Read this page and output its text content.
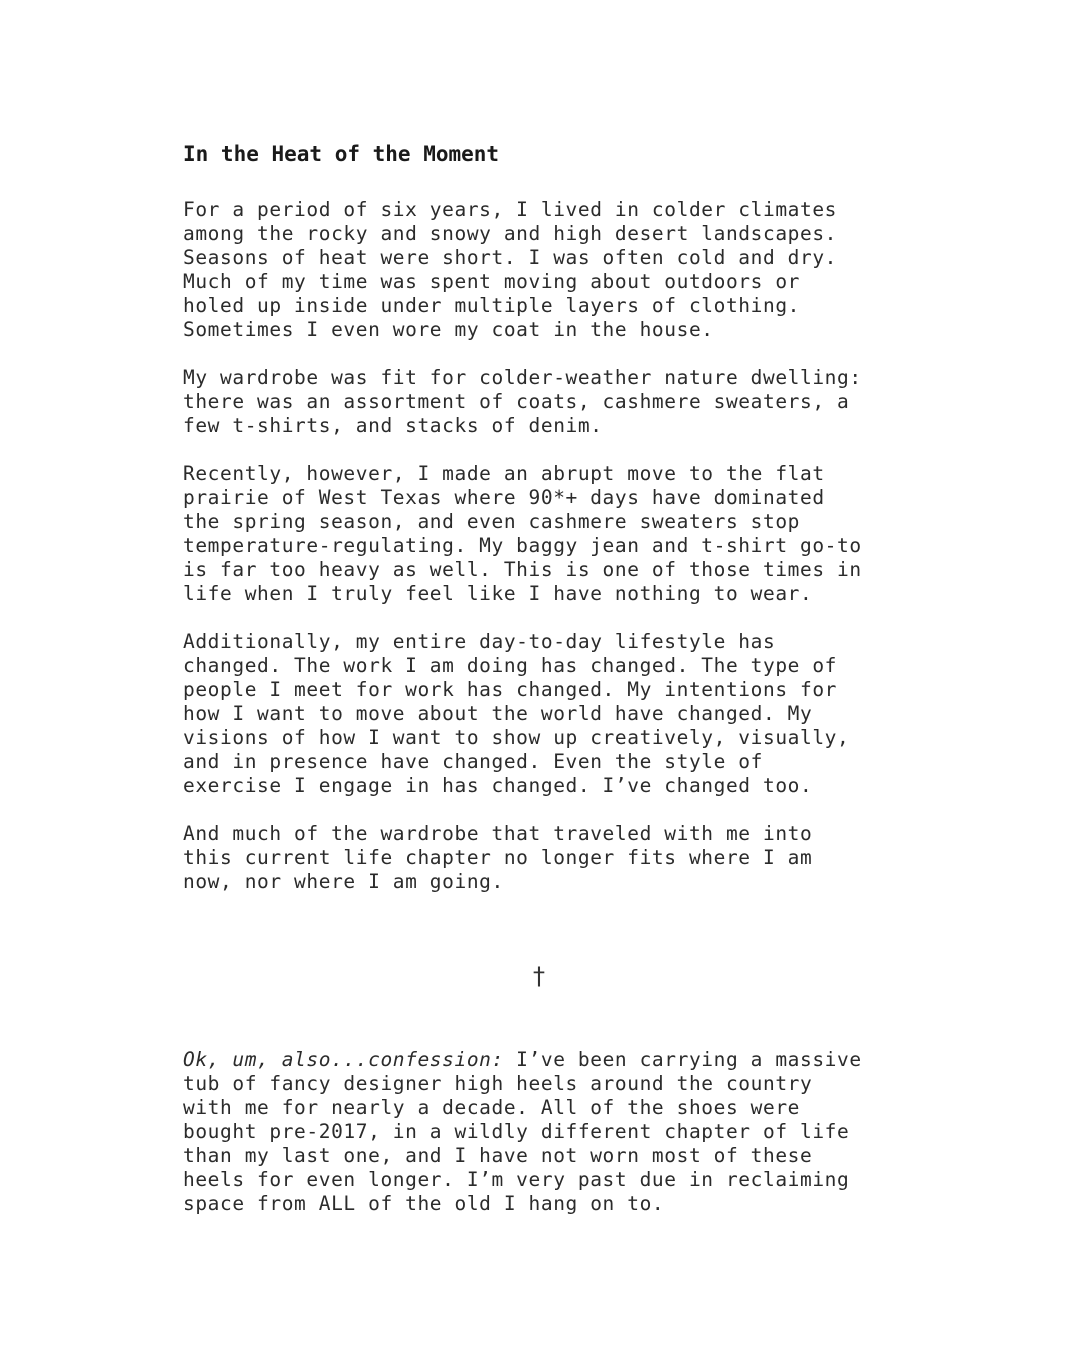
In the Heat of the Moment
For a period of six years, I lived in colder climates
among the rocky and snowy and high desert landscapes.
Seasons of heat were short. I was often cold and dry.
Much of my time was spent moving about outdoors or
holed up inside under multiple layers of clothing.
Sometimes I even wore my coat in the house.
My wardrobe was fit for colder-weather nature dwelling:
there was an assortment of coats, cashmere sweaters, a
few t-shirts, and stacks of denim.
Recently, however, I made an abrupt move to the flat
prairie of West Texas where 90*+ days have dominated
the spring season, and even cashmere sweaters stop
temperature-regulating. My baggy jean and t-shirt go-to
is far too heavy as well. This is one of those times in
life when I truly feel like I have nothing to wear.
Additionally, my entire day-to-day lifestyle has
changed. The work I am doing has changed. The type of
people I meet for work has changed. My intentions for
how I want to move about the world have changed. My
visions of how I want to show up creatively, visually,
and in presence have changed. Even the style of
exercise I engage in has changed. I’ve changed too.
And much of the wardrobe that traveled with me into
this current life chapter no longer fits where I am
now, nor where I am going.
†
Ok, um, also...confession: I’ve been carrying a massive
tub of fancy designer high heels around the country
with me for nearly a decade. All of the shoes were
bought pre-2017, in a wildly different chapter of life
than my last one, and I have not worn most of these
heels for even longer. I’m very past due in reclaiming
space from ALL of the old I hang on to.
